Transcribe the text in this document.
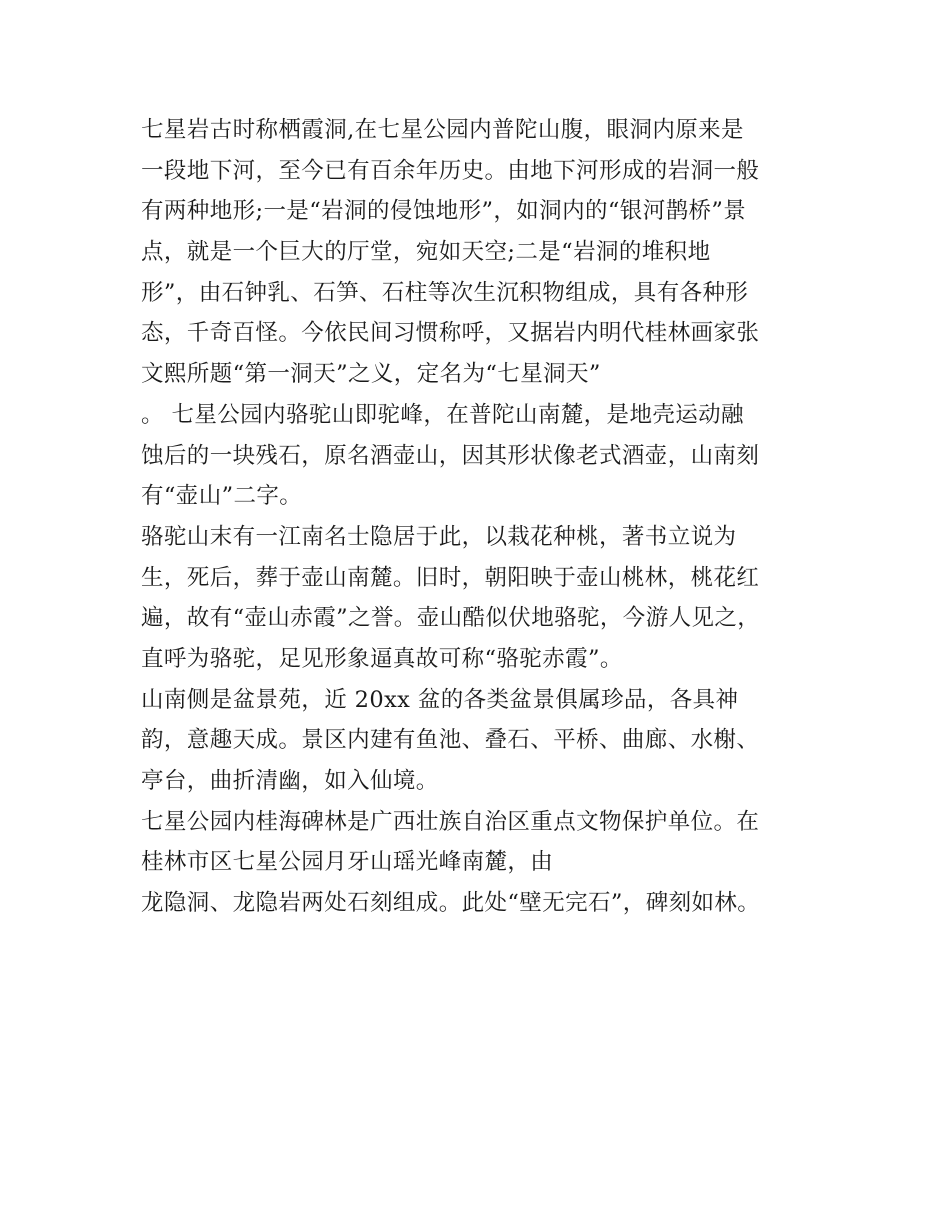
七星岩古时称栖霞洞,在七星公园内普陀山腹，眼洞内原来是
一段地下河，至今已有百余年历史。由地下河形成的岩洞一般
有两种地形;一是“岩洞的侵蚀地形”，如洞内的“银河鹊桥”景
点，就是一个巨大的厅堂，宛如天空;二是“岩洞的堆积地
形”，由石钟乳、石笋、石柱等次生沉积物组成，具有各种形
态，千奇百怪。今依民间习惯称呼，又据岩内明代桂林画家张
文熙所题“第一洞天”之义，定名为“七星洞天”
。 七星公园内骆驼山即驼峰，在普陀山南麓，是地壳运动融
蚀后的一块残石，原名酒壶山，因其形状像老式酒壶，山南刻
有“壶山”二字。
骆驼山末有一江南名士隐居于此，以栽花种桃，著书立说为
生，死后，葬于壶山南麓。旧时，朝阳映于壶山桃林，桃花红
遍，故有“壶山赤霞”之誉。壶山酷似伏地骆驼，今游人见之，
直呼为骆驼，足见形象逼真故可称“骆驼赤霞”。
山南侧是盆景苑，近 20xx 盆的各类盆景俱属珍品，各具神
韵，意趣天成。景区内建有鱼池、叠石、平桥、曲廊、水榭、
亭台，曲折清幽，如入仙境。
七星公园内桂海碑林是广西壮族自治区重点文物保护单位。在
桂林市区七星公园月牙山瑶光峰南麓，由
龙隐洞、龙隐岩两处石刻组成。此处“壁无完石”，碑刻如林。
